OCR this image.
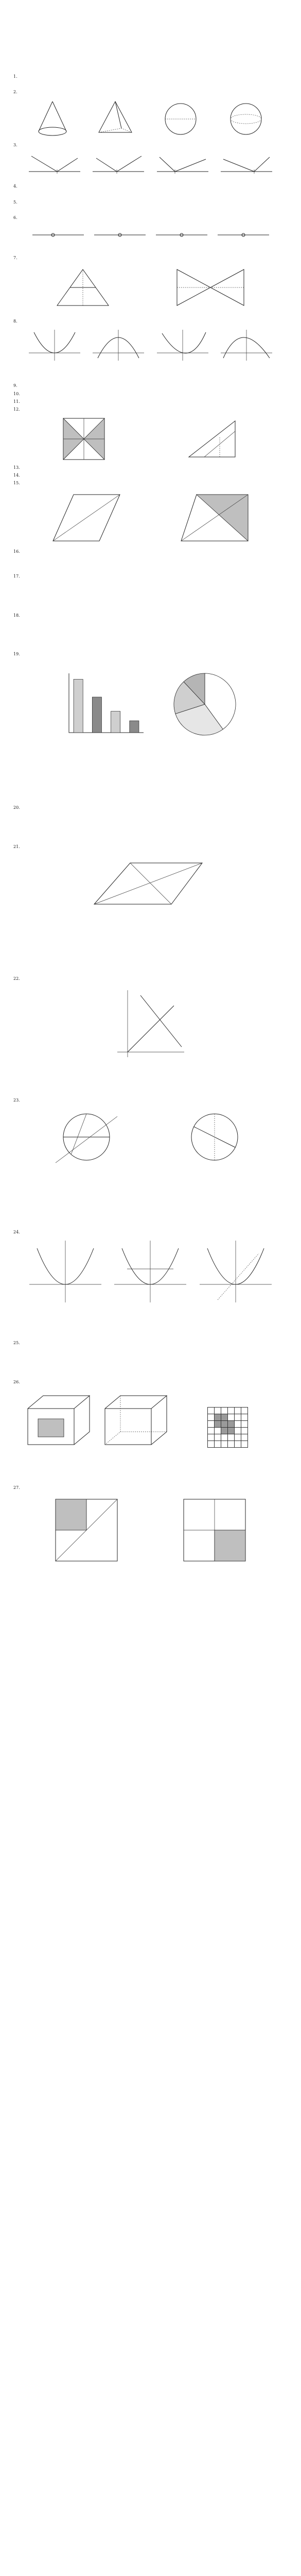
1.
2.
3.
4.
5.
6.
7.
8.
9.
10.
11.
12.
13.
14.
15.
16.
17.
18.
19.
20.
21.
22.
23.
24.
25.
26.

27.
